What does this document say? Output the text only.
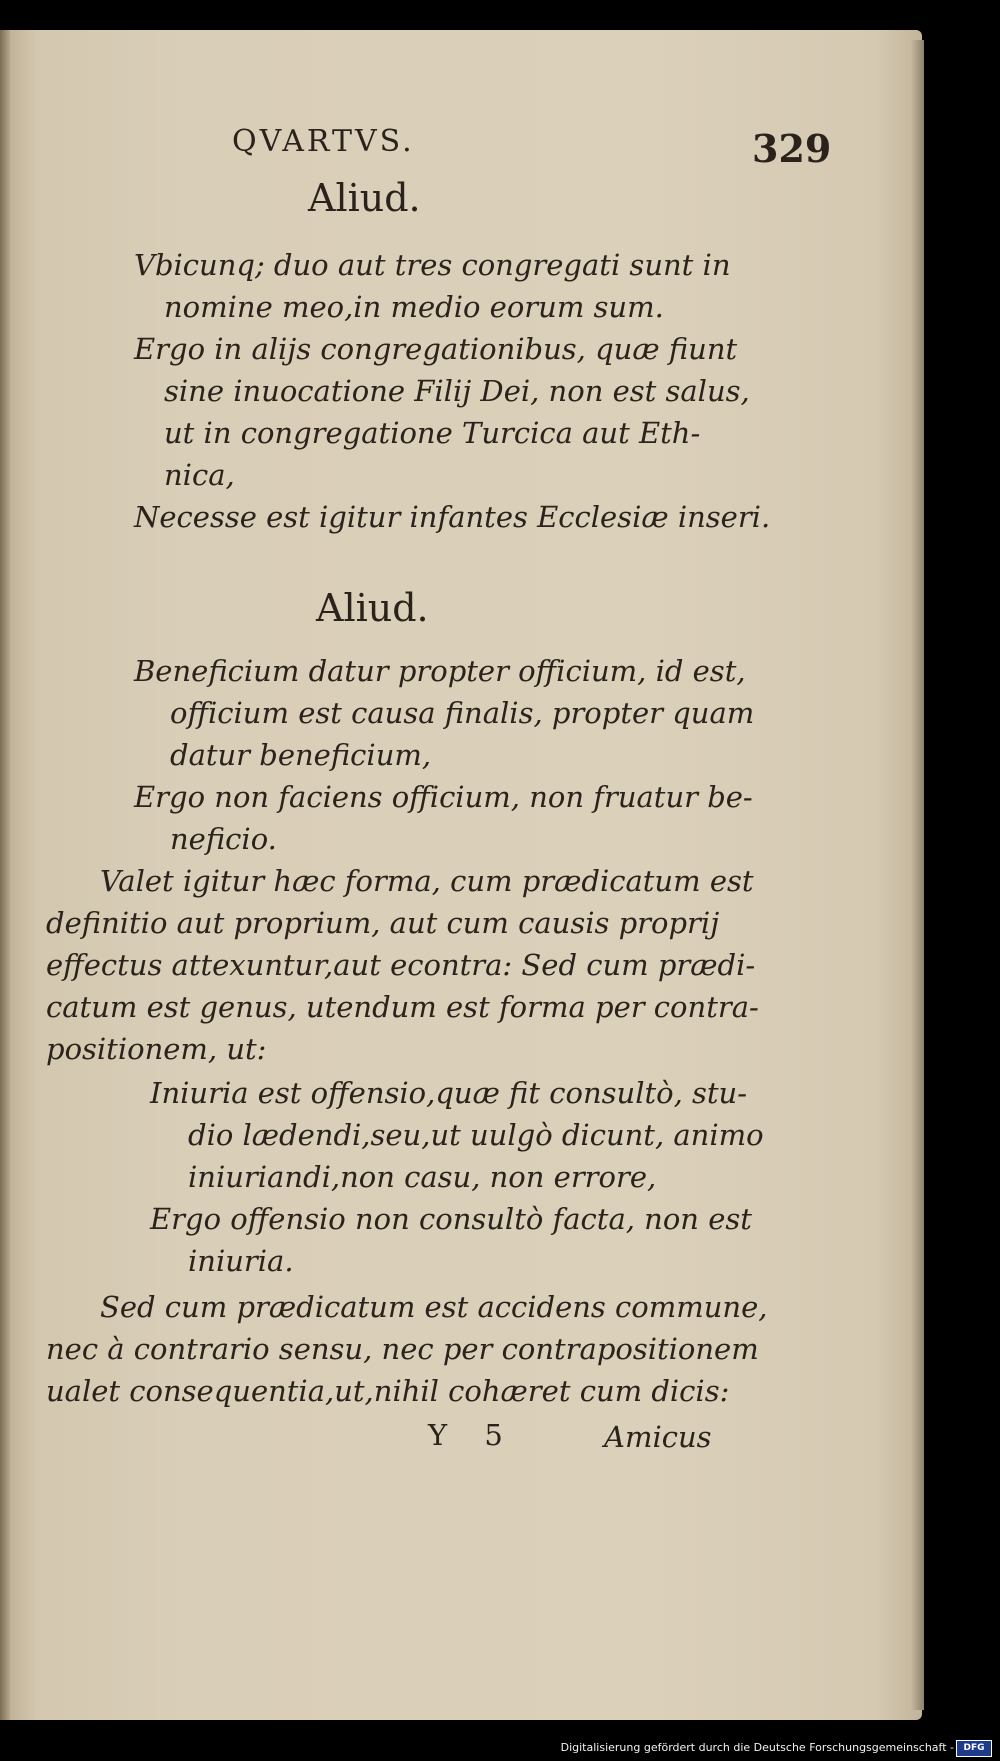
QVARTVS.	329
Aliud.
Vbicunq; duo aut tres congregati sunt in
nomine meo,in medio eorum sum.
Ergo in alijs congregationibus, quæ fiunt
sine inuocatione Filij Dei, non est salus,
ut in congregatione Turcica aut Eth-
nica,
Necesse est igitur infantes Ecclesiæ inseri.
Aliud.
Beneficium datur propter officium, id est,
officium est causa finalis, propter quam
datur beneficium,
Ergo non faciens officium, non fruatur be-
neficio.
Valet igitur hæc forma, cum prædicatum est
definitio aut proprium, aut cum causis proprij
effectus attexuntur,aut econtra: Sed cum prædi-
catum est genus, utendum est forma per contra-
positionem, ut:
Iniuria est offensio,quæ fit consultò, stu-
dio lædendi,seu,ut uulgò dicunt, animo
iniuriandi,non casu, non errore,
Ergo offensio non consultò facta, non est
iniuria.
Sed cum prædicatum est accidens commune,
nec à contrario sensu, nec per contrapositionem
ualet consequentia,ut,nihil cohæret cum dicis:
Y 5	Amicus
Digitalisierung gefördert durch die Deutsche Forschungsgemeinschaft -	DFG
